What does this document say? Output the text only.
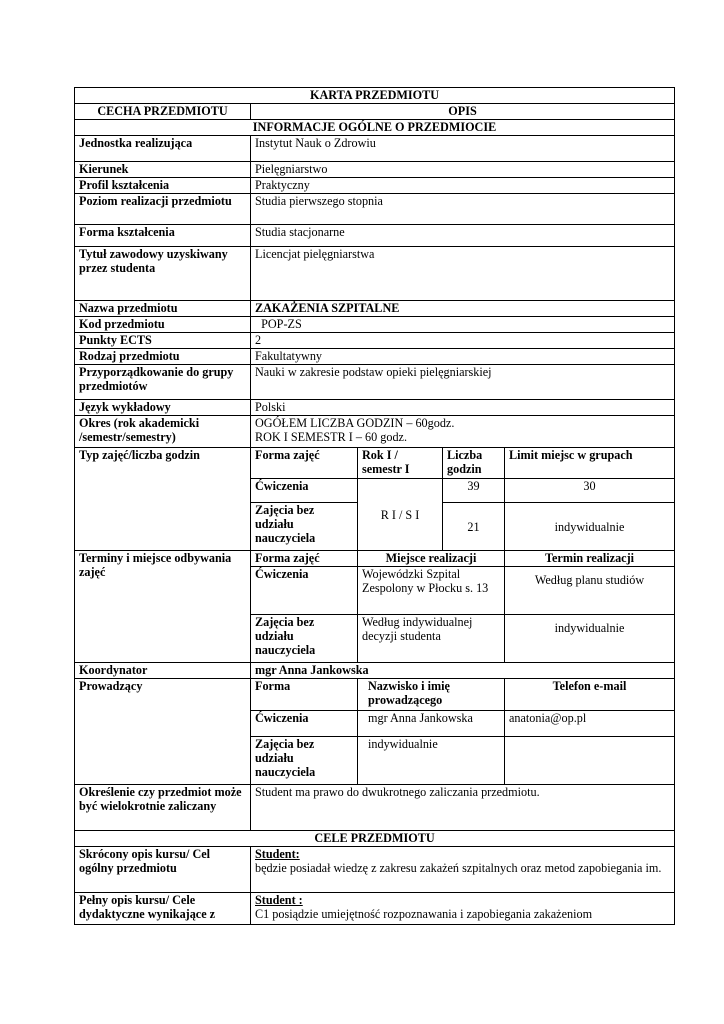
KARTA PRZEDMIOTU				
CECHA PRZEDMIOTU	OPIS			
INFORMACJE OGÓLNE O PRZEDMIOCIE				
Jednostka realizująca	Instytut Nauk o Zdrowiu			
Kierunek	Pielęgniarstwo			
Profil kształcenia	Praktyczny			
Poziom realizacji przedmiotu	Studia pierwszego stopnia			
Forma kształcenia	Studia stacjonarne			
Tytuł zawodowy uzyskiwany przez studenta	Licencjat pielęgniarstwa			
Nazwa przedmiotu	ZAKAŻENIA SZPITALNE			
Kod przedmiotu	POP-ZS			
Punkty ECTS	2			
Rodzaj przedmiotu	Fakultatywny			
Przyporządkowanie do grupy przedmiotów	Nauki w zakresie podstaw opieki pielęgniarskiej			
Język wykładowy	Polski			
Okres (rok akademicki /semestr/semestry)	OGÓŁEM LICZBA GODZIN – 60godz.
ROK I SEMESTR I – 60 godz.			

Typ zajęć/liczba godzin	Forma zajęć	Rok I / semestr I	Liczba godzin	Limit miejsc w grupach
	Ćwiczenia	R I / S I	39	30
	Zajęcia bez udziału nauczyciela		21	indywidualnie
Terminy i miejsce odbywania zajęć	Forma zajęć	Miejsce realizacji		Termin realizacji
	Ćwiczenia	Wojewódzki Szpital Zespolony w Płocku s. 13		Według planu studiów
	Zajęcia bez udziału nauczyciela	Według indywidualnej decyzji studenta		indywidualnie
Koordynator	mgr Anna Jankowska			
Prowadzący	Forma	Nazwisko i imię prowadzącego		Telefon e-mail
	Ćwiczenia	mgr Anna Jankowska		anatonia@op.pl
	Zajęcia bez udziału nauczyciela	indywidualnie		
Określenie czy przedmiot może być wielokrotnie zaliczany	Student ma prawo do dwukrotnego zaliczania przedmiotu.			
CELE PRZEDMIOTU				
Skrócony opis kursu/ Cel ogólny przedmiotu	Student:
będzie posiadał wiedzę z zakresu zakażeń szpitalnych oraz metod zapobiegania im.			

Pełny opis kursu/ Cele dydaktyczne wynikające z	Student :
C1 posiądzie umiejętność rozpoznawania i zapobiegania zakażeniom			
